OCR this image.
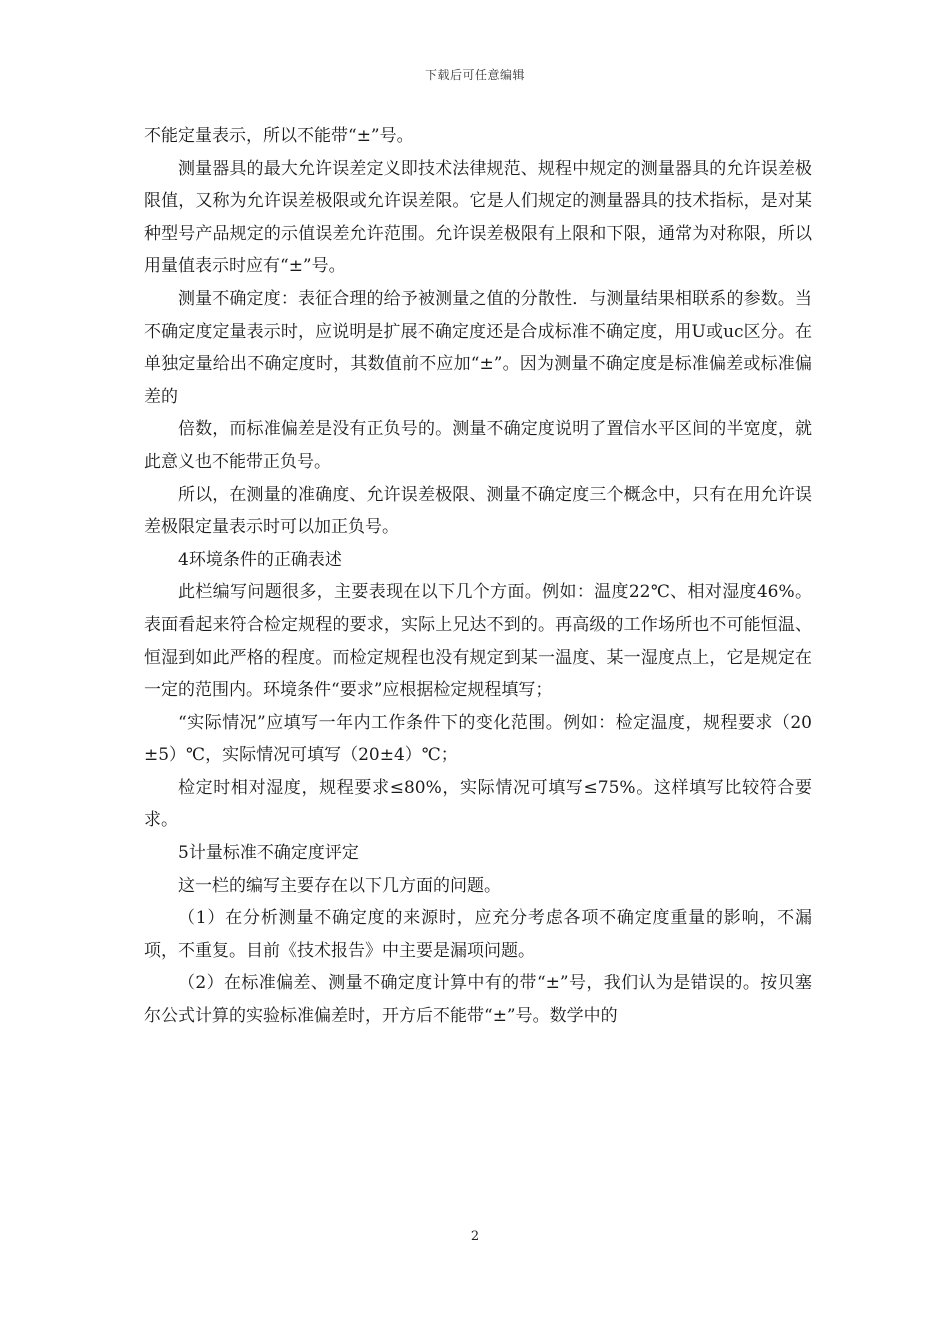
下载后可任意编辑

不能定量表示，所以不能带“±”号。

测量器具的最大允许误差定义即技术法律规范、规程中规定的测量器具的允许误差极限值，又称为允许误差极限或允许误差限。它是人们规定的测量器具的技术指标，是对某种型号产品规定的示值误差允许范围。允许误差极限有上限和下限，通常为对称限，所以用量值表示时应有“±”号。

测量不确定度：表征合理的给予被测量之值的分散性．与测量结果相联系的参数。当不确定度定量表示时，应说明是扩展不确定度还是合成标准不确定度，用U或uc区分。在单独定量给出不确定度时，其数值前不应加“±”。因为测量不确定度是标准偏差或标准偏差的

倍数，而标准偏差是没有正负号的。测量不确定度说明了置信水平区间的半宽度，就此意义也不能带正负号。

所以，在测量的准确度、允许误差极限、测量不确定度三个概念中，只有在用允许误差极限定量表示时可以加正负号。

4环境条件的正确表述

此栏编写问题很多，主要表现在以下几个方面。例如：温度22℃、相对湿度46%。表面看起来符合检定规程的要求，实际上兄达不到的。再高级的工作场所也不可能恒温、恒湿到如此严格的程度。而检定规程也没有规定到某一温度、某一湿度点上，它是规定在一定的范围内。环境条件“要求”应根据检定规程填写；

“实际情况”应填写一年内工作条件下的变化范围。例如：检定温度，规程要求（20±5）℃，实际情况可填写（20±4）℃；

检定时相对湿度，规程要求≤80%，实际情况可填写≤75%。这样填写比较符合要求。

5计量标准不确定度评定

这一栏的编写主要存在以下几方面的问题。

（1）在分析测量不确定度的来源时，应充分考虑各项不确定度重量的影响，不漏项，不重复。目前《技术报告》中主要是漏项问题。

（2）在标准偏差、测量不确定度计算中有的带“±”号，我们认为是错误的。按贝塞尔公式计算的实验标准偏差时，开方后不能带“±”号。数学中的

2
